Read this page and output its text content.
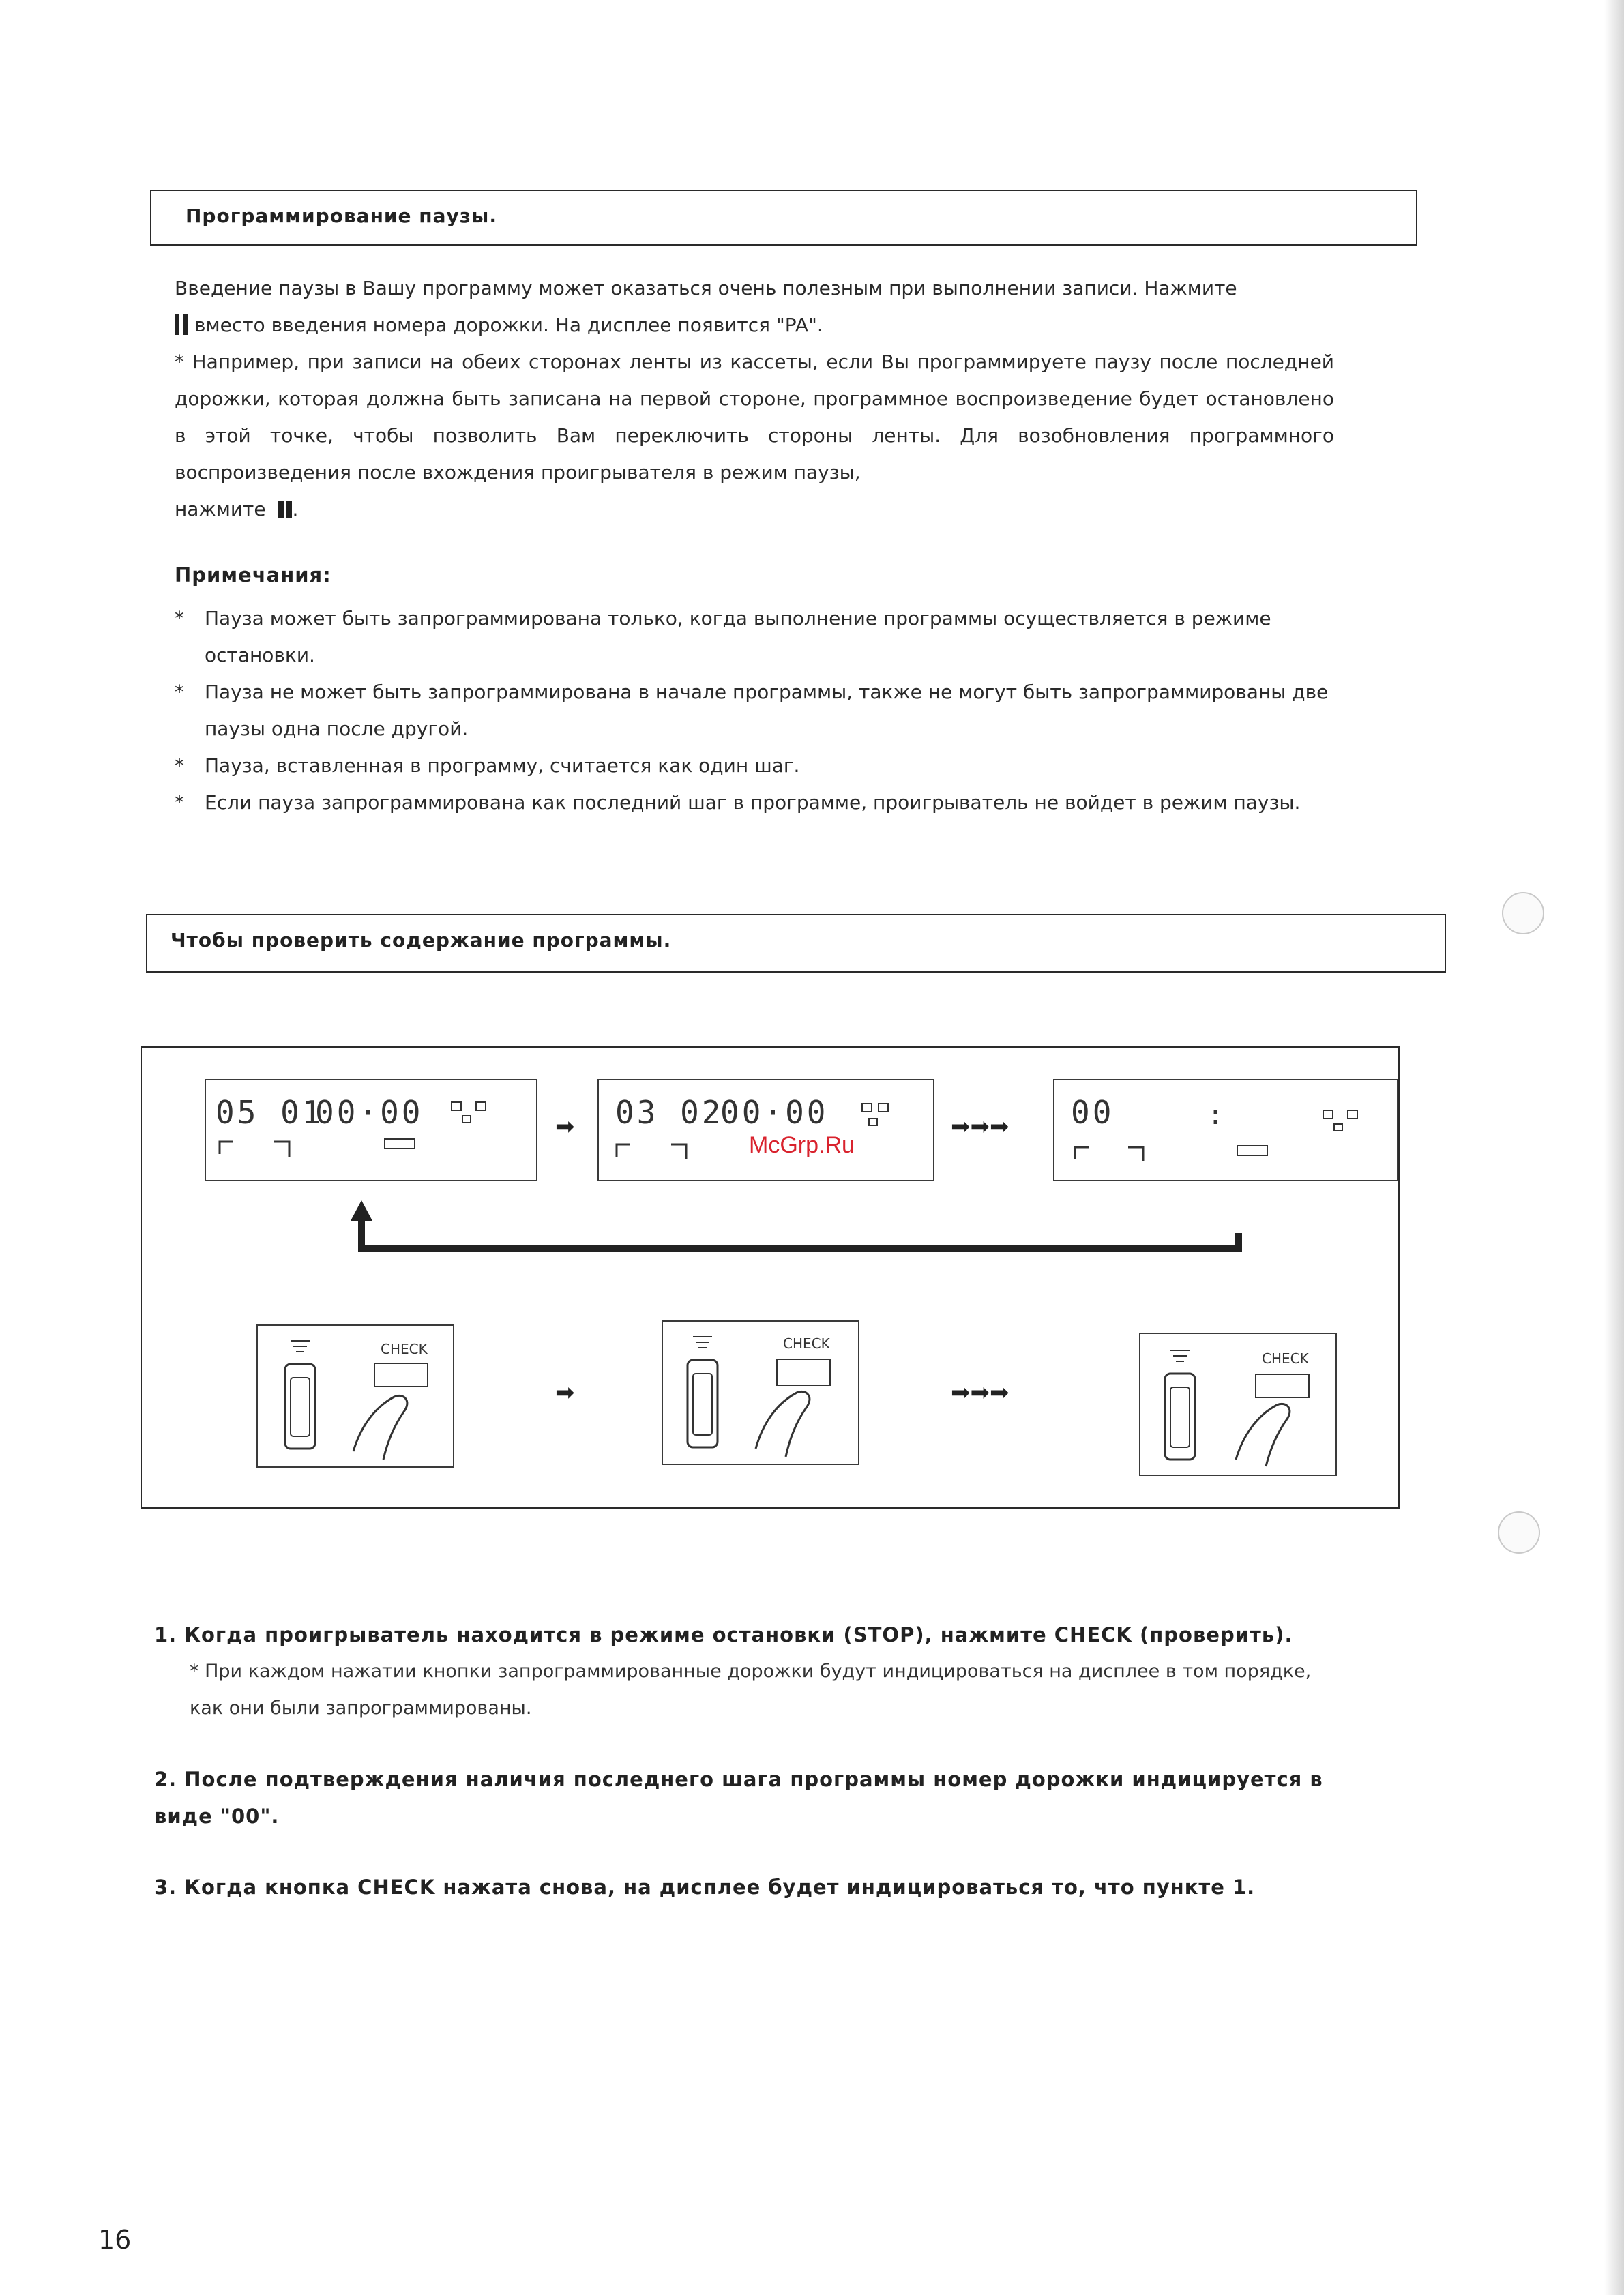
Программирование паузы.

Введение паузы в Вашу программу может оказаться очень полезным при выполнении записи. Нажмите

вместо введения номера дорожки. На дисплее появится "PA".

* Например, при записи на обеих сторонах ленты из кассеты, если Вы программируете паузу после последней дорожки, которая должна быть записана на первой стороне, программное воспроизведение будет остановлено в этой точке, чтобы позволить Вам переключить стороны ленты. Для возобновления программного воспроизведения после вхождения проигрывателя в режим паузы,

нажмите .

Примечания:

* Пауза может быть запрограммирована только, когда выполнение программы осуществляется в режиме остановки.

* Пауза не может быть запрограммирована в начале программы, также не могут быть запрограммированы две паузы одна после другой.

* Пауза, вставленная в программу, считается как один шаг.

* Если пауза запрограммирована как последний шаг в программе, проигрыватель не войдет в режим паузы.

Чтобы проверить содержание программы.
05 01
00·00	➡ 03 02
00·00
McGrp.Ru
➡➡➡ 00	:
CHECK
➡
CHECK
➡➡➡
CHECK
1. Когда проигрыватель находится в режиме остановки (STOP), нажмите CHECK (проверить).
* При каждом нажатии кнопки запрограммированные дорожки будут индицироваться на дисплее в том порядке, как они были запрограммированы.
2. После подтверждения наличия последнего шага программы номер дорожки индицируется в виде "00".
3. Когда кнопка CHECK нажата снова, на дисплее будет индицироваться то, что пункте 1.
16
